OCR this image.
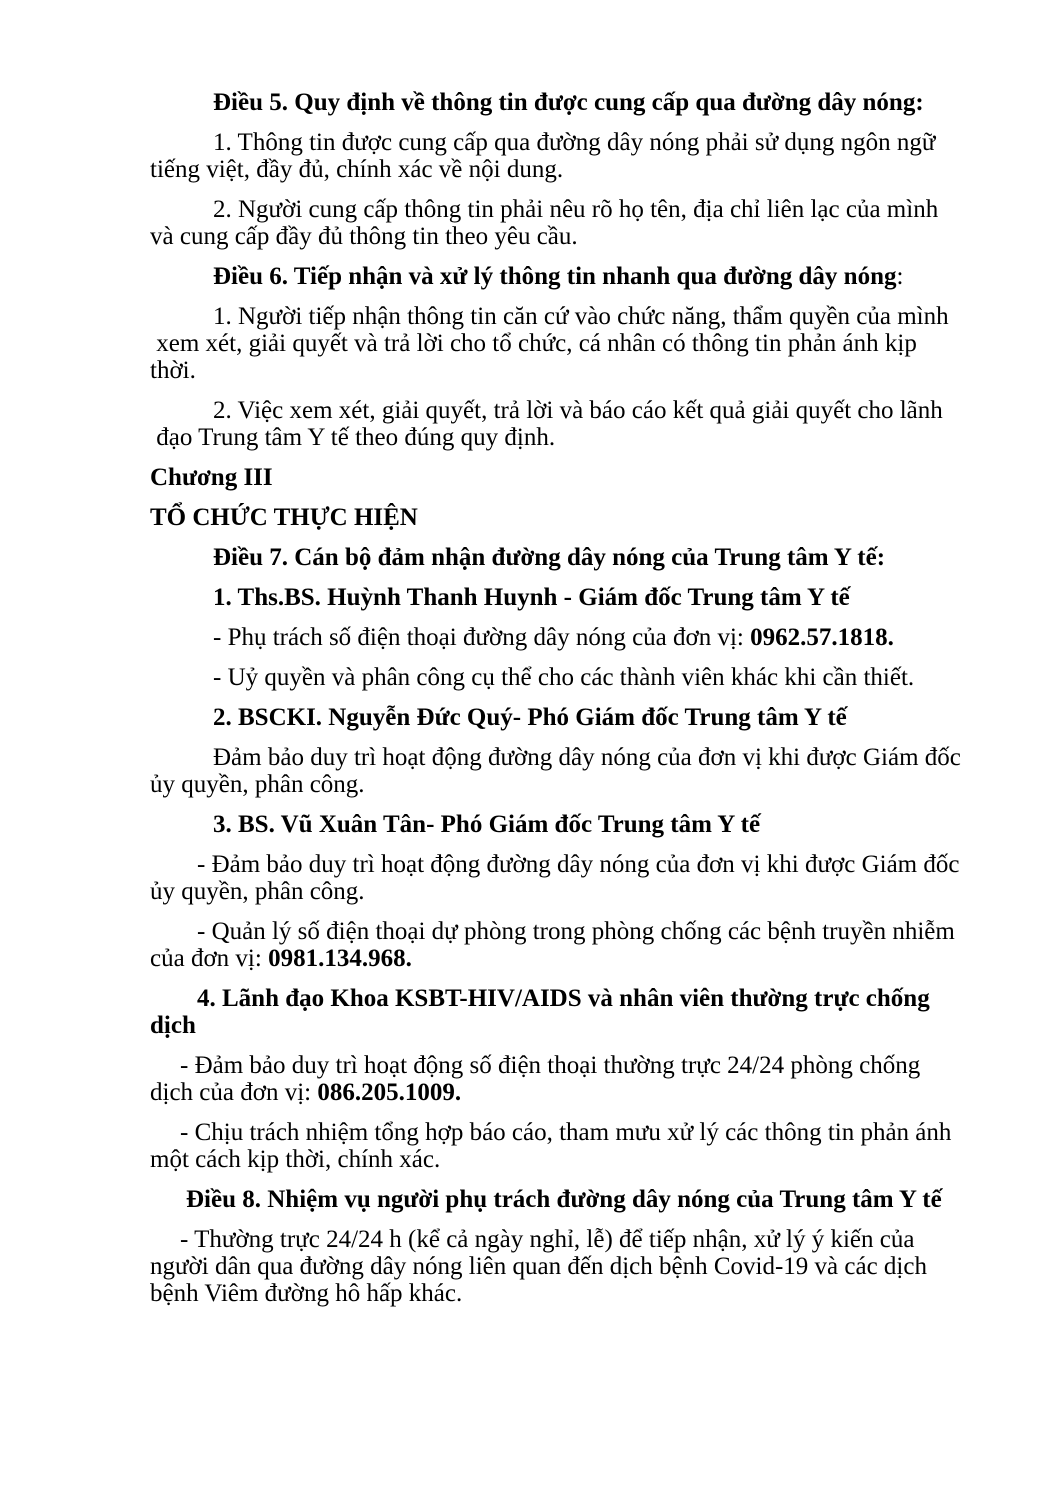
Điều 5. Quy định về thông tin được cung cấp qua đường dây nóng:

1. Thông tin được cung cấp qua đường dây nóng phải sử dụng ngôn ngữ tiếng việt, đầy đủ, chính xác về nội dung.

2. Người cung cấp thông tin phải nêu rõ họ tên, địa chỉ liên lạc của mình và cung cấp đầy đủ thông tin theo yêu cầu.

Điều 6. Tiếp nhận và xử lý thông tin nhanh qua đường dây nóng:

1. Người tiếp nhận thông tin căn cứ vào chức năng, thẩm quyền của mình
xem xét, giải quyết và trả lời cho tổ chức, cá nhân có thông tin phản ánh kịp thời.

2. Việc xem xét, giải quyết, trả lời và báo cáo kết quả giải quyết cho lãnh
đạo Trung tâm Y tế theo đúng quy định.

Chương III

TỔ CHỨC THỰC HIỆN

Điều 7. Cán bộ đảm nhận đường dây nóng của Trung tâm Y tế:

1. Ths.BS. Huỳnh Thanh Huynh - Giám đốc Trung tâm Y tế

- Phụ trách số điện thoại đường dây nóng của đơn vị: 0962.57.1818.

- Uỷ quyền và phân công cụ thể cho các thành viên khác khi cần thiết.

2. BSCKI. Nguyễn Đức Quý- Phó Giám đốc Trung tâm Y tế

Đảm bảo duy trì hoạt động đường dây nóng của đơn vị khi được Giám đốc ủy quyền, phân công.

3. BS. Vũ Xuân Tân- Phó Giám đốc Trung tâm Y tế

- Đảm bảo duy trì hoạt động đường dây nóng của đơn vị khi được Giám đốc ủy quyền, phân công.

- Quản lý số điện thoại dự phòng trong phòng chống các bệnh truyền nhiễm của đơn vị: 0981.134.968.

4. Lãnh đạo Khoa KSBT-HIV/AIDS và nhân viên thường trực chống dịch

- Đảm bảo duy trì hoạt động số điện thoại thường trực 24/24 phòng chống dịch của đơn vị: 086.205.1009.

- Chịu trách nhiệm tổng hợp báo cáo, tham mưu xử lý các thông tin phản ánh một cách kịp thời, chính xác.

Điều 8. Nhiệm vụ người phụ trách đường dây nóng của Trung tâm Y tế

- Thường trực 24/24 h (kể cả ngày nghỉ, lễ) để tiếp nhận, xử lý ý kiến của người dân qua đường dây nóng liên quan đến dịch bệnh Covid-19 và các dịch bệnh Viêm đường hô hấp khác.
